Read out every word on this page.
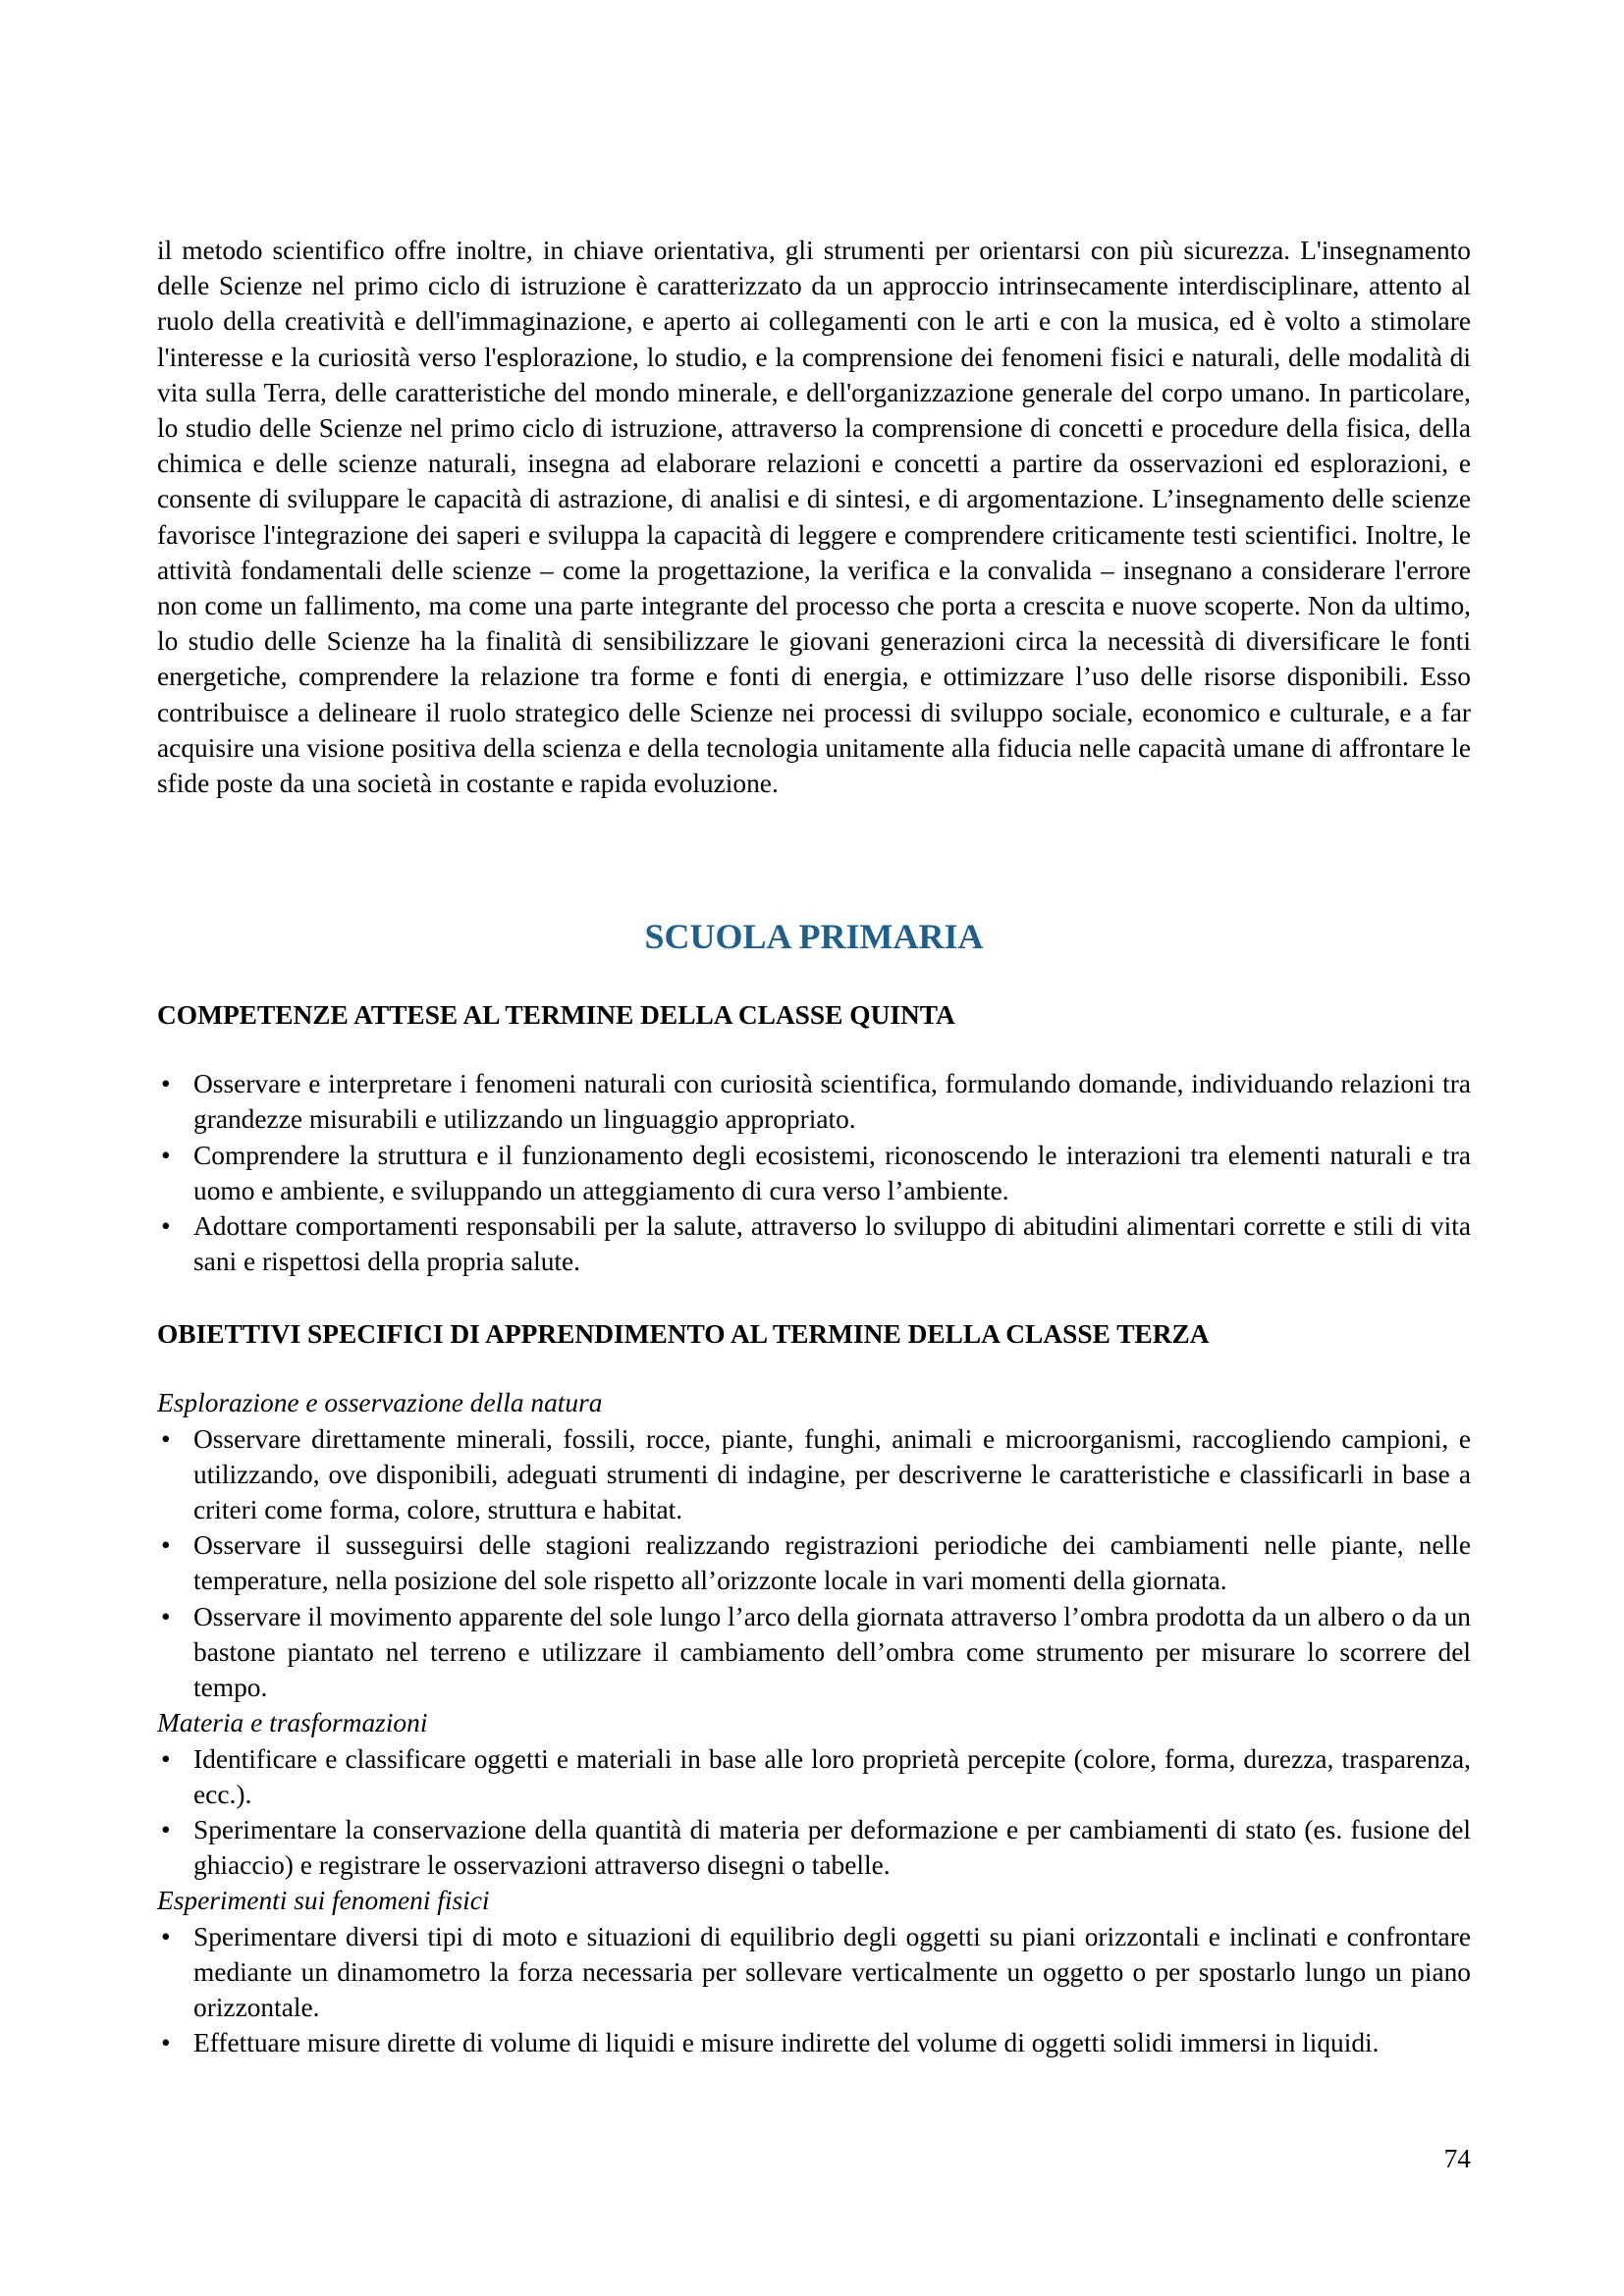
il metodo scientifico offre inoltre, in chiave orientativa, gli strumenti per orientarsi con più sicurezza. L'insegnamento delle Scienze nel primo ciclo di istruzione è caratterizzato da un approccio intrinsecamente interdisciplinare, attento al ruolo della creatività e dell'immaginazione, e aperto ai collegamenti con le arti e con la musica, ed è volto a stimolare l'interesse e la curiosità verso l'esplorazione, lo studio, e la comprensione dei fenomeni fisici e naturali, delle modalità di vita sulla Terra, delle caratteristiche del mondo minerale, e dell'organizzazione generale del corpo umano. In particolare, lo studio delle Scienze nel primo ciclo di istruzione, attraverso la comprensione di concetti e procedure della fisica, della chimica e delle scienze naturali, insegna ad elaborare relazioni e concetti a partire da osservazioni ed esplorazioni, e consente di sviluppare le capacità di astrazione, di analisi e di sintesi, e di argomentazione. L’insegnamento delle scienze favorisce l'integrazione dei saperi e sviluppa la capacità di leggere e comprendere criticamente testi scientifici. Inoltre, le attività fondamentali delle scienze – come la progettazione, la verifica e la convalida – insegnano a considerare l'errore non come un fallimento, ma come una parte integrante del processo che porta a crescita e nuove scoperte. Non da ultimo, lo studio delle Scienze ha la finalità di sensibilizzare le giovani generazioni circa la necessità di diversificare le fonti energetiche, comprendere la relazione tra forme e fonti di energia, e ottimizzare l’uso delle risorse disponibili. Esso contribuisce a delineare il ruolo strategico delle Scienze nei processi di sviluppo sociale, economico e culturale, e a far acquisire una visione positiva della scienza e della tecnologia unitamente alla fiducia nelle capacità umane di affrontare le sfide poste da una società in costante e rapida evoluzione.

SCUOLA PRIMARIA
COMPETENZE ATTESE AL TERMINE DELLA CLASSE QUINTA
• Osservare e interpretare i fenomeni naturali con curiosità scientifica, formulando domande, individuando relazioni tra grandezze misurabili e utilizzando un linguaggio appropriato.
• Comprendere la struttura e il funzionamento degli ecosistemi, riconoscendo le interazioni tra elementi naturali e tra uomo e ambiente, e sviluppando un atteggiamento di cura verso l’ambiente.
• Adottare comportamenti responsabili per la salute, attraverso lo sviluppo di abitudini alimentari corrette e stili di vita sani e rispettosi della propria salute.
OBIETTIVI SPECIFICI DI APPRENDIMENTO AL TERMINE DELLA CLASSE TERZA
Esplorazione e osservazione della natura
• Osservare direttamente minerali, fossili, rocce, piante, funghi, animali e microorganismi, raccogliendo campioni, e utilizzando, ove disponibili, adeguati strumenti di indagine, per descriverne le caratteristiche e classificarli in base a criteri come forma, colore, struttura e habitat.
• Osservare il susseguirsi delle stagioni realizzando registrazioni periodiche dei cambiamenti nelle piante, nelle temperature, nella posizione del sole rispetto all’orizzonte locale in vari momenti della giornata.
• Osservare il movimento apparente del sole lungo l’arco della giornata attraverso l’ombra prodotta da un albero o da un bastone piantato nel terreno e utilizzare il cambiamento dell’ombra come strumento per misurare lo scorrere del tempo.
Materia e trasformazioni
• Identificare e classificare oggetti e materiali in base alle loro proprietà percepite (colore, forma, durezza, trasparenza, ecc.).
• Sperimentare la conservazione della quantità di materia per deformazione e per cambiamenti di stato (es. fusione del ghiaccio) e registrare le osservazioni attraverso disegni o tabelle.
Esperimenti sui fenomeni fisici
• Sperimentare diversi tipi di moto e situazioni di equilibrio degli oggetti su piani orizzontali e inclinati e confrontare mediante un dinamometro la forza necessaria per sollevare verticalmente un oggetto o per spostarlo lungo un piano orizzontale.
• Effettuare misure dirette di volume di liquidi e misure indirette del volume di oggetti solidi immersi in liquidi.
74
